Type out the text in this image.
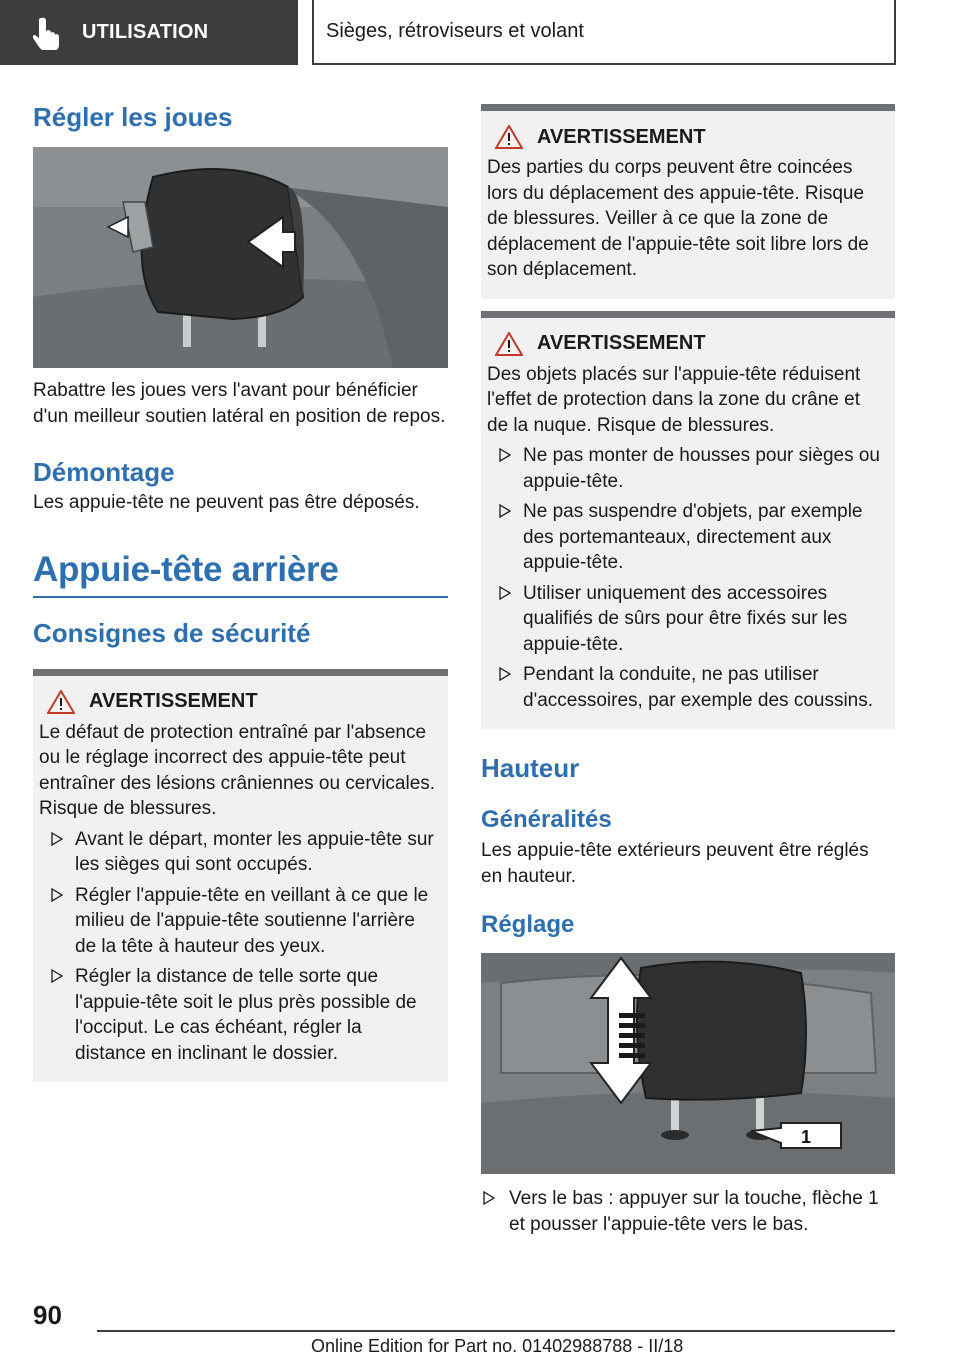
UTILISATION	Sièges, rétroviseurs et volant
Régler les joues

Rabattre les joues vers l'avant pour bénéficier d'un meilleur soutien latéral en position de repos.

Démontage

Les appuie-tête ne peuvent pas être déposés.

Appuie-tête arrière
Consignes de sécurité
AVERTISSEMENT

Le défaut de protection entraîné par l'absence ou le réglage incorrect des appuie-tête peut entraîner des lésions crâniennes ou cervicales. Risque de blessures.

Avant le départ, monter les appuie-tête sur les sièges qui sont occupés.
Régler l'appuie-tête en veillant à ce que le milieu de l'appuie-tête soutienne l'arrière de la tête à hauteur des yeux.
Régler la distance de telle sorte que l'appuie-tête soit le plus près possible de l'occiput. Le cas échéant, régler la distance en inclinant le dossier.
AVERTISSEMENT

Des parties du corps peuvent être coincées lors du déplacement des appuie-tête. Risque de blessures. Veiller à ce que la zone de déplacement de l'appuie-tête soit libre lors de son déplacement.

AVERTISSEMENT

Des objets placés sur l'appuie-tête réduisent l'effet de protection dans la zone du crâne et de la nuque. Risque de blessures.

Ne pas monter de housses pour sièges ou appuie-tête.
Ne pas suspendre d'objets, par exemple des portemanteaux, directement aux appuie-tête.
Utiliser uniquement des accessoires qualifiés de sûrs pour être fixés sur les appuie-tête.
Pendant la conduite, ne pas utiliser d'accessoires, par exemple des coussins.
Hauteur
Généralités

Les appuie-tête extérieurs peuvent être réglés en hauteur.

Réglage
1
Vers le bas : appuyer sur la touche, flèche 1 et pousser l'appuie-tête vers le bas.
90
Online Edition for Part no. 01402988788 - II/18
